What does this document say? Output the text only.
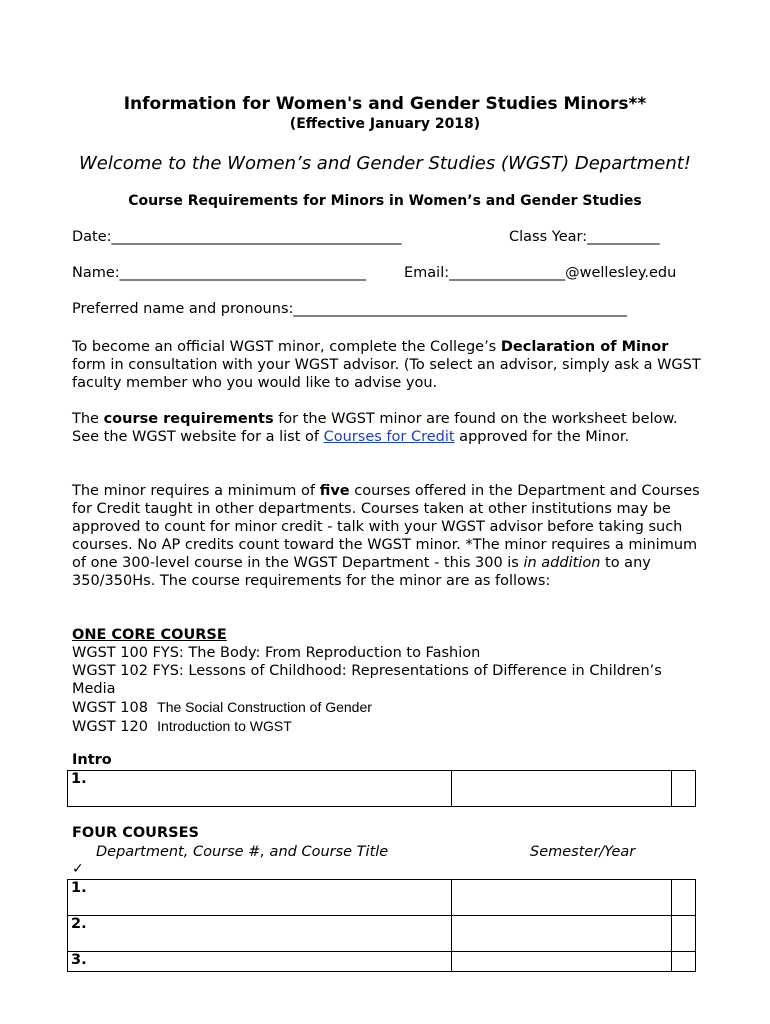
Information for Women's and Gender Studies Minors**
(Effective January 2018)
Welcome to the Women’s and Gender Studies (WGST) Department!
Course Requirements for Minors in Women’s and Gender Studies
Date:________________________________________	Class Year:__________
Name:__________________________________	Email:________________@wellesley.edu
Preferred name and pronouns:______________________________________________
To become an official WGST minor, complete the College’s Declaration of Minor form in consultation with your WGST advisor. (To select an advisor, simply ask a WGST faculty member who you would like to advise you.
The course requirements for the WGST minor are found on the worksheet below. See the WGST website for a list of Courses for Credit approved for the Minor.
The minor requires a minimum of five courses offered in the Department and Courses for Credit taught in other departments. Courses taken at other institutions may be approved to count for minor credit - talk with your WGST advisor before taking such courses. No AP credits count toward the WGST minor. *The minor requires a minimum of one 300-level course in the WGST Department - this 300 is in addition to any 350/350Hs. The course requirements for the minor are as follows:
ONE CORE COURSE
WGST 100 FYS: The Body: From Reproduction to Fashion
WGST 102 FYS: Lessons of Childhood: Representations of Difference in Children’s Media
WGST 108 The Social Construction of Gender
WGST 120 Introduction to WGST
Intro
1.		
FOUR COURSES
Department, Course #, and Course Title	Semester/Year
✓
1.		
2.		
3.		
